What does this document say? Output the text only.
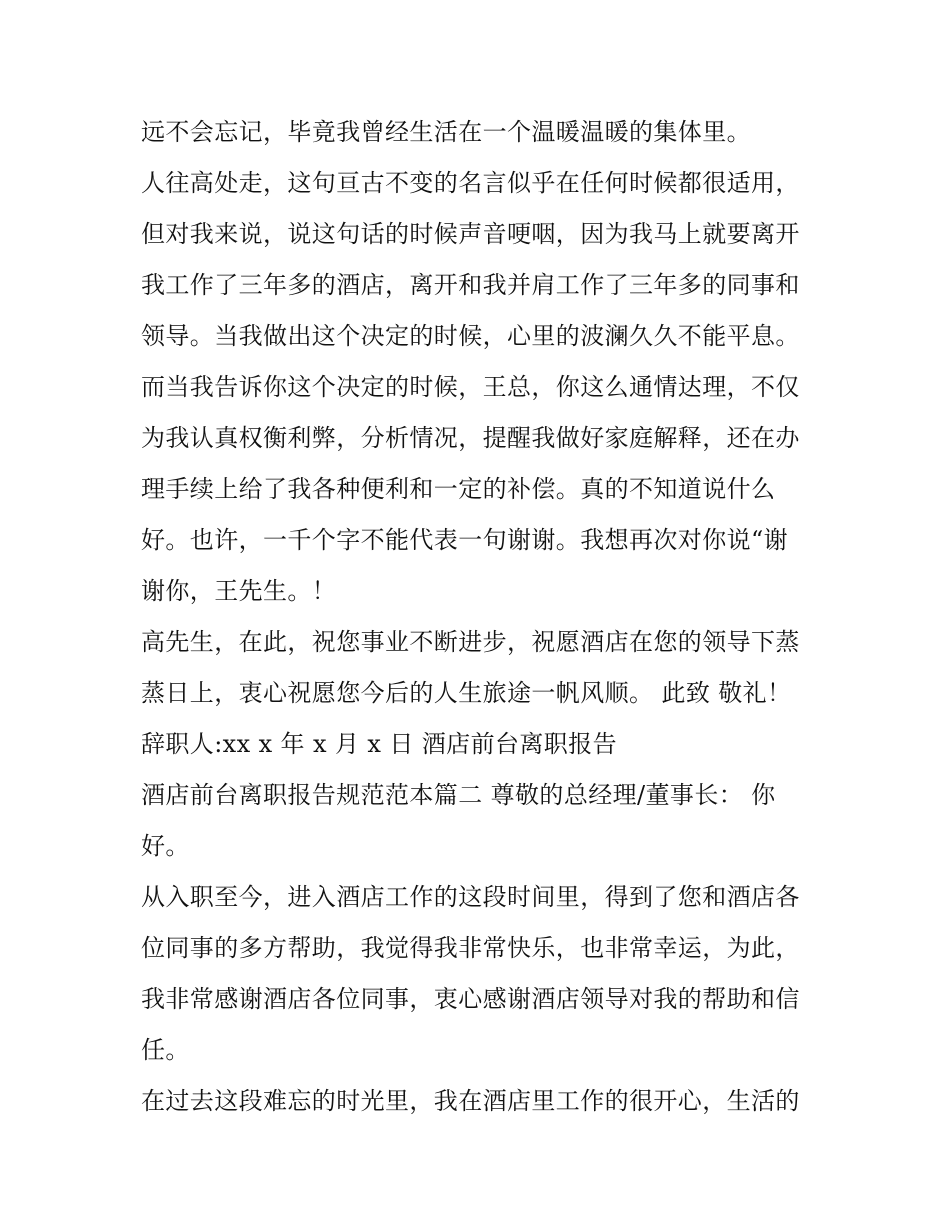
远不会忘记，毕竟我曾经生活在一个温暖温暖的集体里。
人往高处走，这句亘古不变的名言似乎在任何时候都很适用，
但对我来说，说这句话的时候声音哽咽，因为我马上就要离开
我工作了三年多的酒店，离开和我并肩工作了三年多的同事和
领导。当我做出这个决定的时候，心里的波澜久久不能平息。
而当我告诉你这个决定的时候，王总，你这么通情达理，不仅
为我认真权衡利弊，分析情况，提醒我做好家庭解释，还在办
理手续上给了我各种便利和一定的补偿。真的不知道说什么
好。也许，一千个字不能代表一句谢谢。我想再次对你说“谢
谢你，王先生。！
高先生，在此，祝您事业不断进步，祝愿酒店在您的领导下蒸
蒸日上，衷心祝愿您今后的人生旅途一帆风顺。 此致 敬礼！
辞职人:xx x 年 x 月 x 日 酒店前台离职报告
酒店前台离职报告规范范本篇二 尊敬的总经理/董事长： 你
好。
从入职至今，进入酒店工作的这段时间里，得到了您和酒店各
位同事的多方帮助，我觉得我非常快乐，也非常幸运，为此，
我非常感谢酒店各位同事，衷心感谢酒店领导对我的帮助和信
任。
在过去这段难忘的时光里，我在酒店里工作的很开心，生活的
